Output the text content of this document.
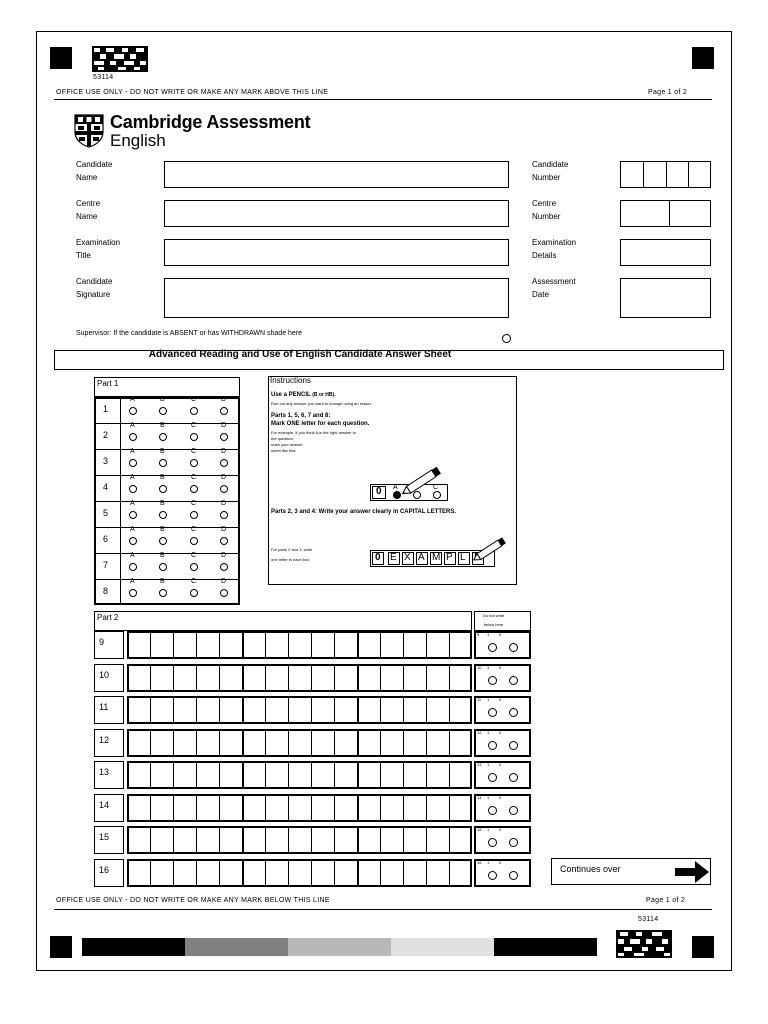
53114
OFFICE USE ONLY - DO NOT WRITE OR MAKE ANY MARK ABOVE THIS LINE	Page 1 of 2
Cambridge Assessment
English
Candidate
Name
Centre
Name
Examination
Title
Candidate
Signature
Candidate
Number
Centre
Number
Examination
Details
Assessment
Date
Supervisor: If the candidate is ABSENT or has WITHDRAWN shade here
Advanced Reading and Use of English Candidate Answer Sheet
Part 1
1
A	B	C	D
2
A	B	C	D
3
A	B	C	D
4
A	B	C	D
5
A	B	C	D
6
A	B	C	D
7
A	B	C	D
8
A	B	C	D
Instructions
Use a PENCIL (B or HB).
Rub out any answer you want to change using an eraser.
Parts 1, 5, 6, 7 and 8:
Mark ONE letter for each question.
For example, if you think A is the right answer to
the question,
mark your answer
sheet like this:
0 A	C
Parts 2, 3 and 4: Write your answer clearly in CAPITAL LETTERS.
For parts 2 and 3, write
one letter in each box.	0 E X A M P L
Part 2	Do not write
below here
9
9 1 0
10
10 1 0
11
11 1 0
12
12 1 0
13
13 1 0
14
14 1 0
15
15 1 0
16
16 1 0
Continues over
OFFICE USE ONLY - DO NOT WRITE OR MAKE ANY MARK BELOW THIS LINE	Page 1 of 2
53114
